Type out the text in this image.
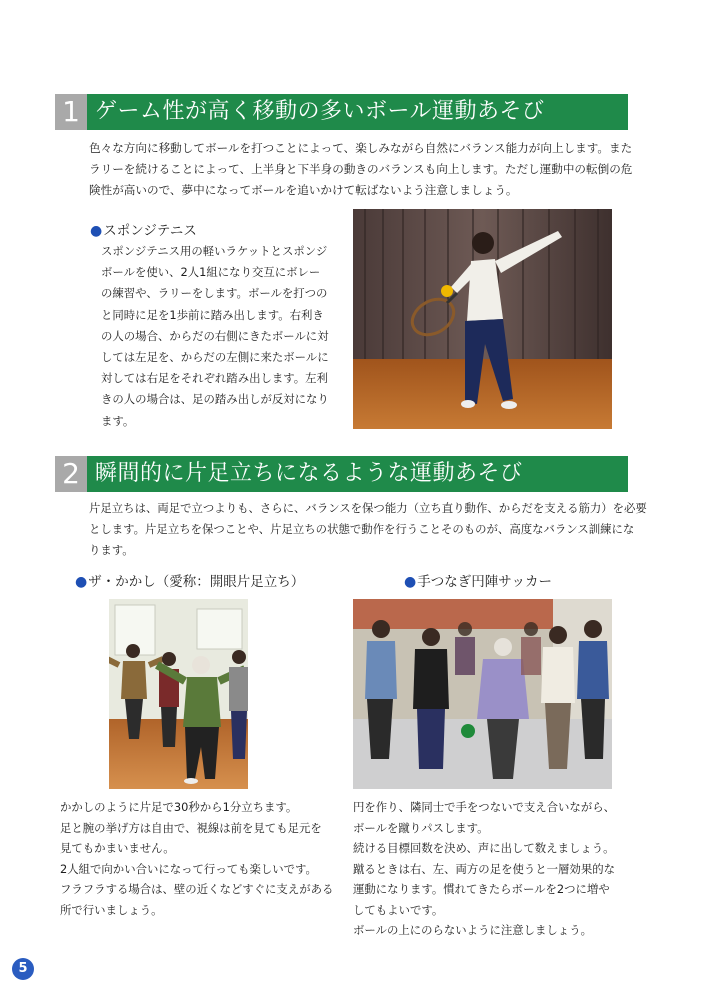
1 ゲーム性が高く移動の多いボール運動あそび
色々な方向に移動してボールを打つことによって、楽しみながら自然にバランス能力が向上します。また
ラリーを続けることによって、上半身と下半身の動きのバランスも向上します。ただし運動中の転倒の危
険性が高いので、夢中になってボールを追いかけて転ばないよう注意しましょう。
●スポンジテニス
スポンジテニス用の軽いラケットとスポンジ
ボールを使い、2人1組になり交互にボレー
の練習や、ラリーをします。ボールを打つの
と同時に足を1歩前に踏み出します。右利き
の人の場合、からだの右側にきたボールに対
しては左足を、からだの左側に来たボールに
対しては右足をそれぞれ踏み出します。左利
きの人の場合は、足の踏み出しが反対になり
ます。
2 瞬間的に片足立ちになるような運動あそび
片足立ちは、両足で立つよりも、さらに、バランスを保つ能力（立ち直り動作、からだを支える筋力）を必要
とします。片足立ちを保つことや、片足立ちの状態で動作を行うことそのものが、高度なバランス訓練にな
ります。
●ザ・かかし（愛称：開眼片足立ち）	●手つなぎ円陣サッカー
かかしのように片足で30秒から1分立ちます。
足と腕の挙げ方は自由で、視線は前を見ても足元を
見てもかまいません。
2人組で向かい合いになって行っても楽しいです。
フラフラする場合は、壁の近くなどすぐに支えがある
所で行いましょう。
円を作り、隣同士で手をつないで支え合いながら、
ボールを蹴りパスします。
続ける目標回数を決め、声に出して数えましょう。
蹴るときは右、左、両方の足を使うと一層効果的な
運動になります。慣れてきたらボールを2つに増や
してもよいです。
ボールの上にのらないように注意しましょう。
5
